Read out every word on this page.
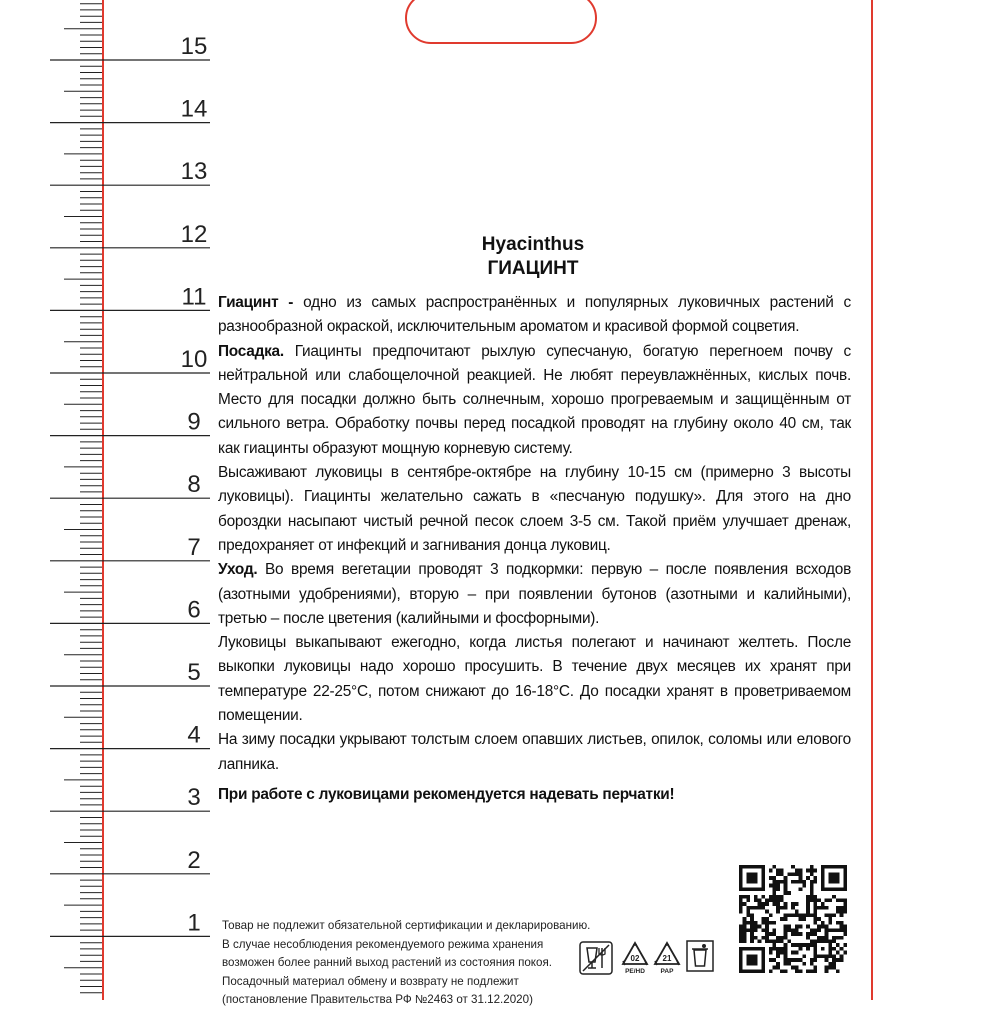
15
14
13
12
11
10
9
8
7
6
5
4
3
2
1
Hyacinthus
ГИАЦИНТ

Гиацинт - одно из самых распространённых и популярных луковичных растений с разнообразной окраской, исключительным ароматом и красивой формой соцветия.

Посадка. Гиацинты предпочитают рыхлую супесчаную, богатую перегноем почву с нейтральной или слабощелочной реакцией. Не любят переувлажнённых, кислых почв. Место для посадки должно быть солнечным, хорошо прогреваемым и защищённым от сильного ветра. Обработку почвы перед посадкой проводят на глубину около 40 см, так как гиацинты образуют мощную корневую систему.

Высаживают луковицы в сентябре-октябре на глубину 10-15 см (примерно 3 высоты луковицы). Гиацинты желательно сажать в «песчаную подушку». Для этого на дно бороздки насыпают чистый речной песок слоем 3-5 см. Такой приём улучшает дренаж, предохраняет от инфекций и загнивания донца луковиц.

Уход. Во время вегетации проводят 3 подкормки: первую – после появления всходов (азотными удобрениями), вторую – при появлении бутонов (азотными и калийными), третью – после цветения (калийными и фосфорными).

Луковицы выкапывают ежегодно, когда листья полегают и начинают желтеть. После выкопки луковицы надо хорошо просушить. В течение двух месяцев их хранят при температуре 22-25°С, потом снижают до 16-18°С. До посадки хранят в проветриваемом помещении.

На зиму посадки укрывают толстым слоем опавших листьев, опилок, соломы или елового лапника.

При работе с луковицами рекомендуется надевать перчатки!

Товар не подлежит обязательной сертификации и декларированию.

В случае несоблюдения рекомендуемого режима хранения

возможен более ранний выход растений из состояния покоя.

Посадочный материал обмену и возврату не подлежит

(постановление Правительства РФ №2463 от 31.12.2020)

02
PE/HD
21
PAP
